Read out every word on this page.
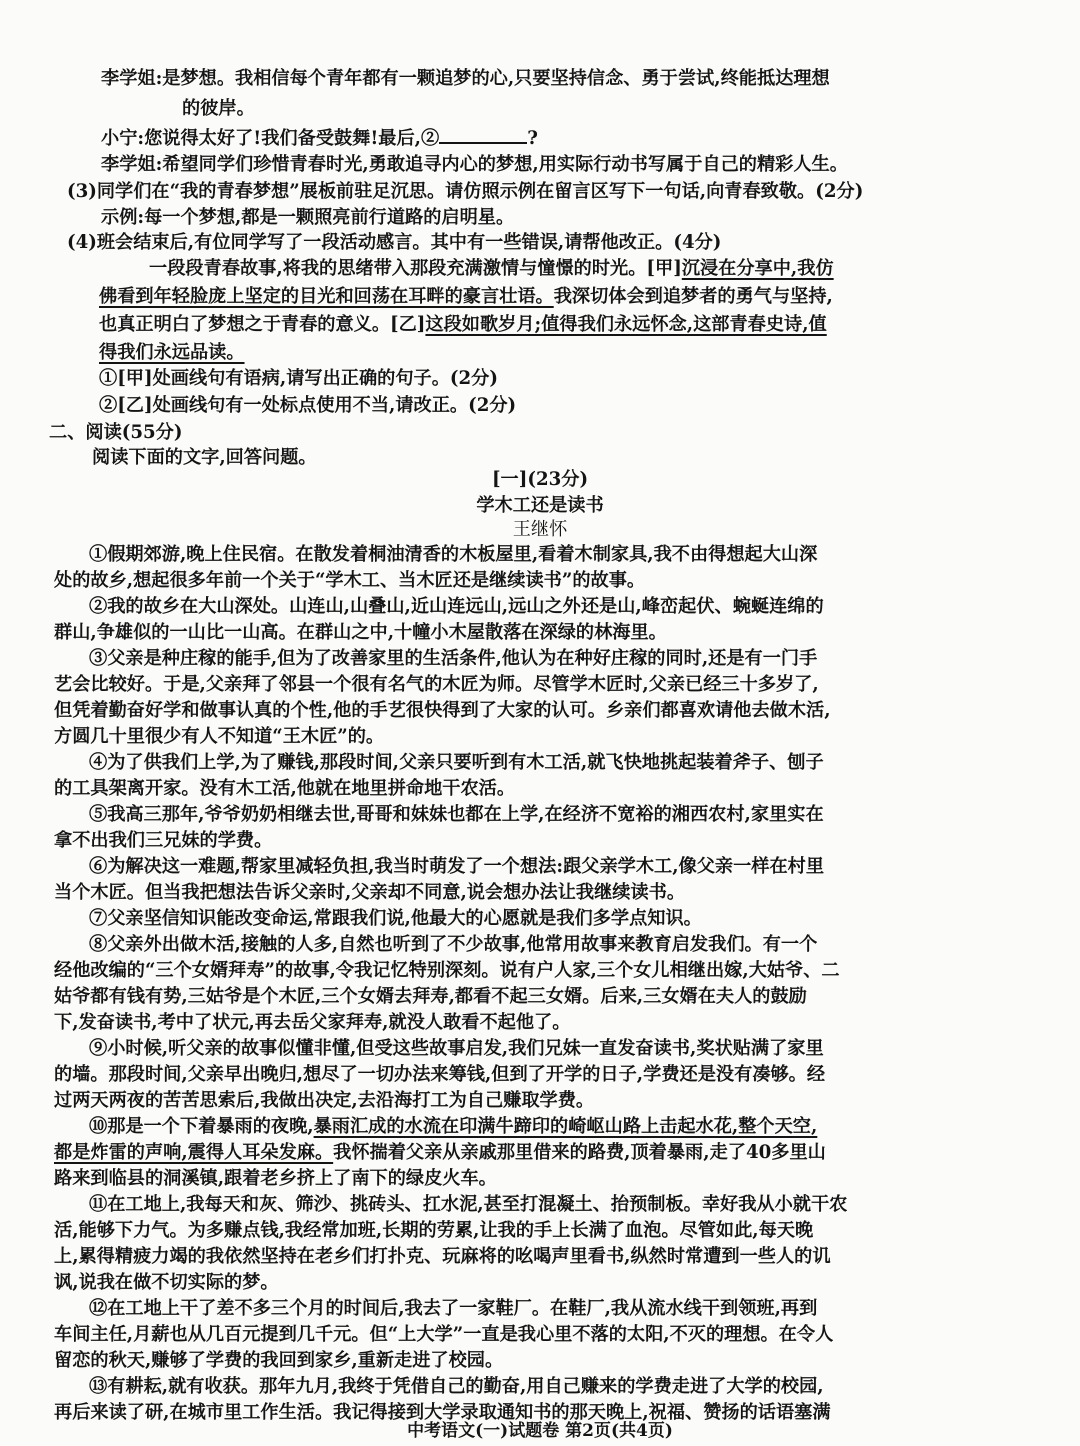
李学姐:是梦想。我相信每个青年都有一颗追梦的心,只要坚持信念、勇于尝试,终能抵达理想
的彼岸。
小宁:您说得太好了!我们备受鼓舞!最后,②	?
李学姐:希望同学们珍惜青春时光,勇敢追寻内心的梦想,用实际行动书写属于自己的精彩人生。
(3)同学们在“我的青春梦想”展板前驻足沉思。请仿照示例在留言区写下一句话,向青春致敬。(2分)
示例:每一个梦想,都是一颗照亮前行道路的启明星。
(4)班会结束后,有位同学写了一段活动感言。其中有一些错误,请帮他改正。(4分)
一段段青春故事,将我的思绪带入那段充满激情与憧憬的时光。[甲]沉浸在分享中,我仿
佛看到年轻脸庞上坚定的目光和回荡在耳畔的豪言壮语。我深切体会到追梦者的勇气与坚持,
也真正明白了梦想之于青春的意义。[乙]这段如歌岁月;值得我们永远怀念,这部青春史诗,值
得我们永远品读。
①[甲]处画线句有语病,请写出正确的句子。(2分)
②[乙]处画线句有一处标点使用不当,请改正。(2分)
二、阅读(55分)
阅读下面的文字,回答问题。
[一](23分)
学木工还是读书
王继怀
①假期郊游,晚上住民宿。在散发着桐油清香的木板屋里,看着木制家具,我不由得想起大山深
处的故乡,想起很多年前一个关于“学木工、当木匠还是继续读书”的故事。
②我的故乡在大山深处。山连山,山叠山,近山连远山,远山之外还是山,峰峦起伏、蜿蜒连绵的
群山,争雄似的一山比一山高。在群山之中,十幢小木屋散落在深绿的林海里。
③父亲是种庄稼的能手,但为了改善家里的生活条件,他认为在种好庄稼的同时,还是有一门手
艺会比较好。于是,父亲拜了邻县一个很有名气的木匠为师。尽管学木匠时,父亲已经三十多岁了,
但凭着勤奋好学和做事认真的个性,他的手艺很快得到了大家的认可。乡亲们都喜欢请他去做木活,
方圆几十里很少有人不知道“王木匠”的。
④为了供我们上学,为了赚钱,那段时间,父亲只要听到有木工活,就飞快地挑起装着斧子、刨子
的工具架离开家。没有木工活,他就在地里拼命地干农活。
⑤我高三那年,爷爷奶奶相继去世,哥哥和妹妹也都在上学,在经济不宽裕的湘西农村,家里实在
拿不出我们三兄妹的学费。
⑥为解决这一难题,帮家里减轻负担,我当时萌发了一个想法:跟父亲学木工,像父亲一样在村里
当个木匠。但当我把想法告诉父亲时,父亲却不同意,说会想办法让我继续读书。
⑦父亲坚信知识能改变命运,常跟我们说,他最大的心愿就是我们多学点知识。
⑧父亲外出做木活,接触的人多,自然也听到了不少故事,他常用故事来教育启发我们。有一个
经他改编的“三个女婿拜寿”的故事,令我记忆特别深刻。说有户人家,三个女儿相继出嫁,大姑爷、二
姑爷都有钱有势,三姑爷是个木匠,三个女婿去拜寿,都看不起三女婿。后来,三女婿在夫人的鼓励
下,发奋读书,考中了状元,再去岳父家拜寿,就没人敢看不起他了。
⑨小时候,听父亲的故事似懂非懂,但受这些故事启发,我们兄妹一直发奋读书,奖状贴满了家里
的墙。那段时间,父亲早出晚归,想尽了一切办法来筹钱,但到了开学的日子,学费还是没有凑够。经
过两天两夜的苦苦思索后,我做出决定,去沿海打工为自己赚取学费。
⑩那是一个下着暴雨的夜晚,暴雨汇成的水流在印满牛蹄印的崎岖山路上击起水花,整个天空,
都是炸雷的声响,震得人耳朵发麻。我怀揣着父亲从亲戚那里借来的路费,顶着暴雨,走了40多里山
路来到临县的洞溪镇,跟着老乡挤上了南下的绿皮火车。
⑪在工地上,我每天和灰、筛沙、挑砖头、扛水泥,甚至打混凝土、抬预制板。幸好我从小就干农
活,能够下力气。为多赚点钱,我经常加班,长期的劳累,让我的手上长满了血泡。尽管如此,每天晚
上,累得精疲力竭的我依然坚持在老乡们打扑克、玩麻将的吆喝声里看书,纵然时常遭到一些人的讥
讽,说我在做不切实际的梦。
⑫在工地上干了差不多三个月的时间后,我去了一家鞋厂。在鞋厂,我从流水线干到领班,再到
车间主任,月薪也从几百元提到几千元。但“上大学”一直是我心里不落的太阳,不灭的理想。在令人
留恋的秋天,赚够了学费的我回到家乡,重新走进了校园。
⑬有耕耘,就有收获。那年九月,我终于凭借自己的勤奋,用自己赚来的学费走进了大学的校园,
再后来读了研,在城市里工作生活。我记得接到大学录取通知书的那天晚上,祝福、赞扬的话语塞满
中考语文(一)试题卷 第2页(共4页)
